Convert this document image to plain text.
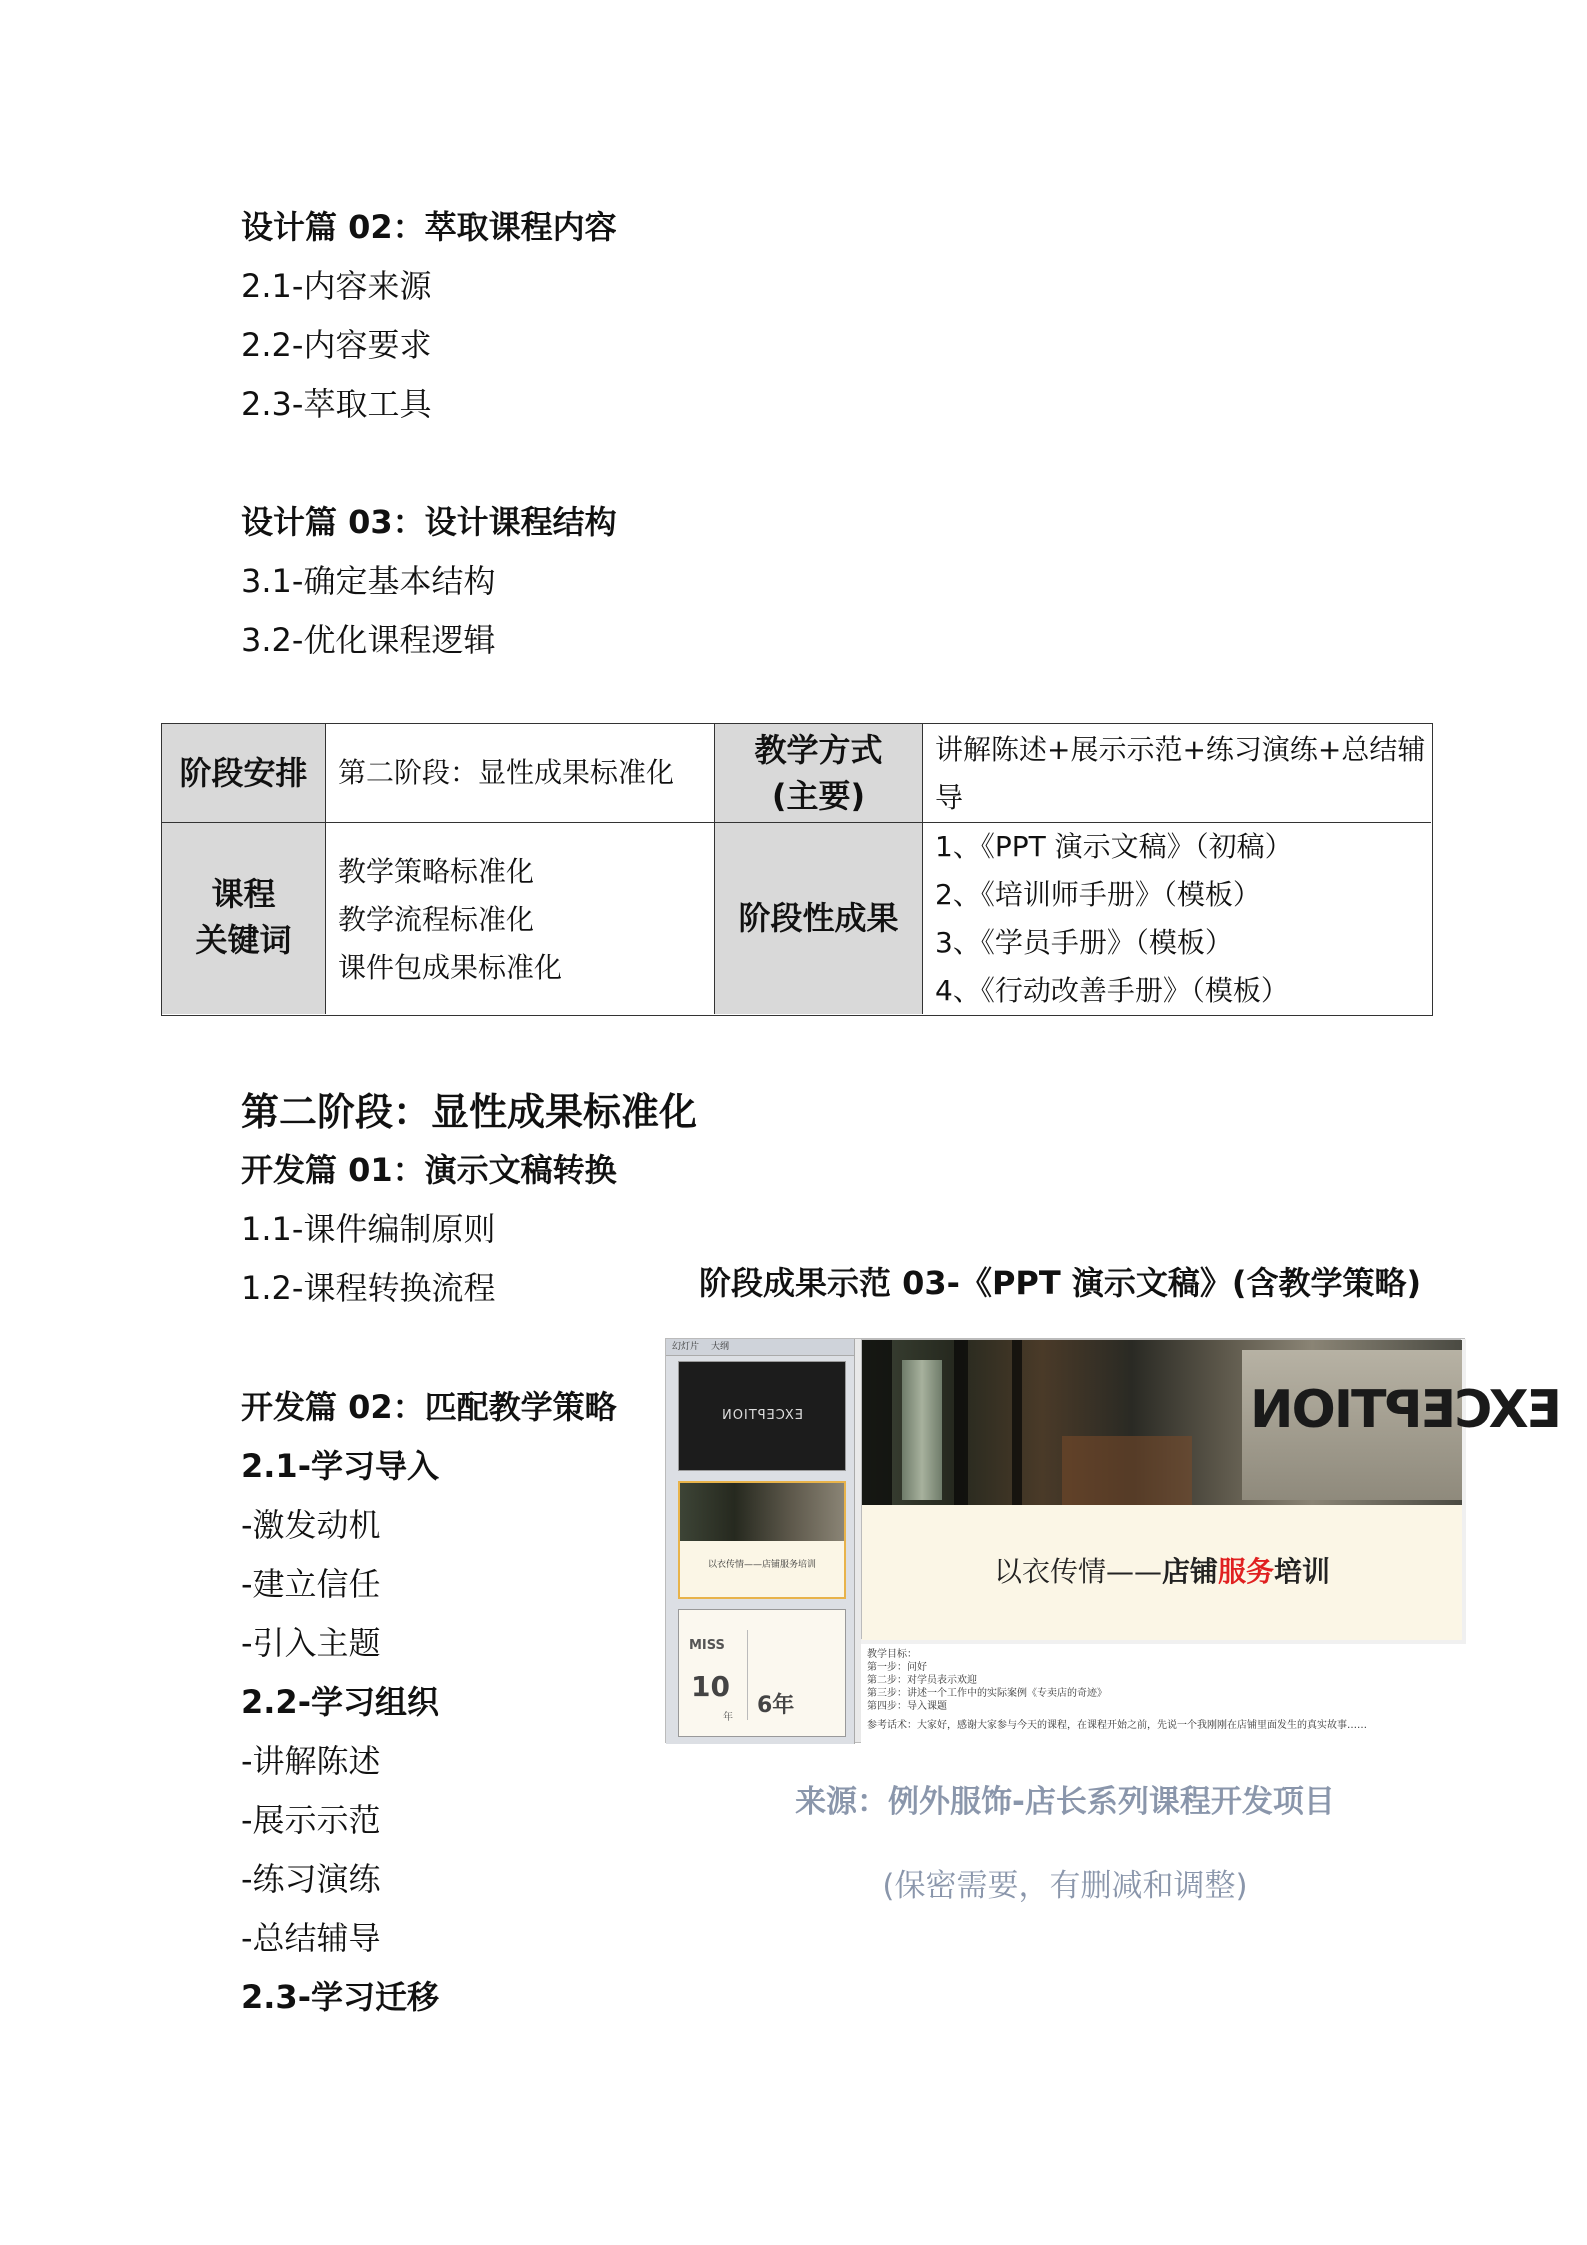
设计篇 02：萃取课程内容
2.1-内容来源
2.2-内容要求
2.3-萃取工具
设计篇 03：设计课程结构
3.1-确定基本结构
3.2-优化课程逻辑
阶段安排	第二阶段：显性成果标准化
教学方式
(主要)
讲解陈述+展示示范+练习演练+总结辅
导
课程
关键词
教学策略标准化
教学流程标准化
课件包成果标准化
阶段性成果
1、《PPT 演示文稿》（初稿）
2、《培训师手册》（模板）
3、《学员手册》（模板）
4、《行动改善手册》（模板）
第二阶段：显性成果标准化
开发篇 01：演示文稿转换
1.1-课件编制原则
1.2-课程转换流程
开发篇 02：匹配教学策略
2.1-学习导入
-激发动机
-建立信任
-引入主题
2.2-学习组织
-讲解陈述
-展示示范
-练习演练
-总结辅导
2.3-学习迁移
阶段成果示范 03-《PPT 演示文稿》(含教学策略)
幻灯片 大纲
EXCEPTION
以衣传情——店铺服务培训
MISS
10
年 6年
EXCEPTION
以衣传情——店铺服务培训
教学目标：
第一步：问好
第二步：对学员表示欢迎
第三步：讲述一个工作中的实际案例《专卖店的奇迹》
第四步：导入课题
参考话术：大家好，感谢大家参与今天的课程，在课程开始之前，先说一个我刚刚在店铺里面发生的真实故事……
来源：例外服饰-店长系列课程开发项目
(保密需要，有删减和调整)
